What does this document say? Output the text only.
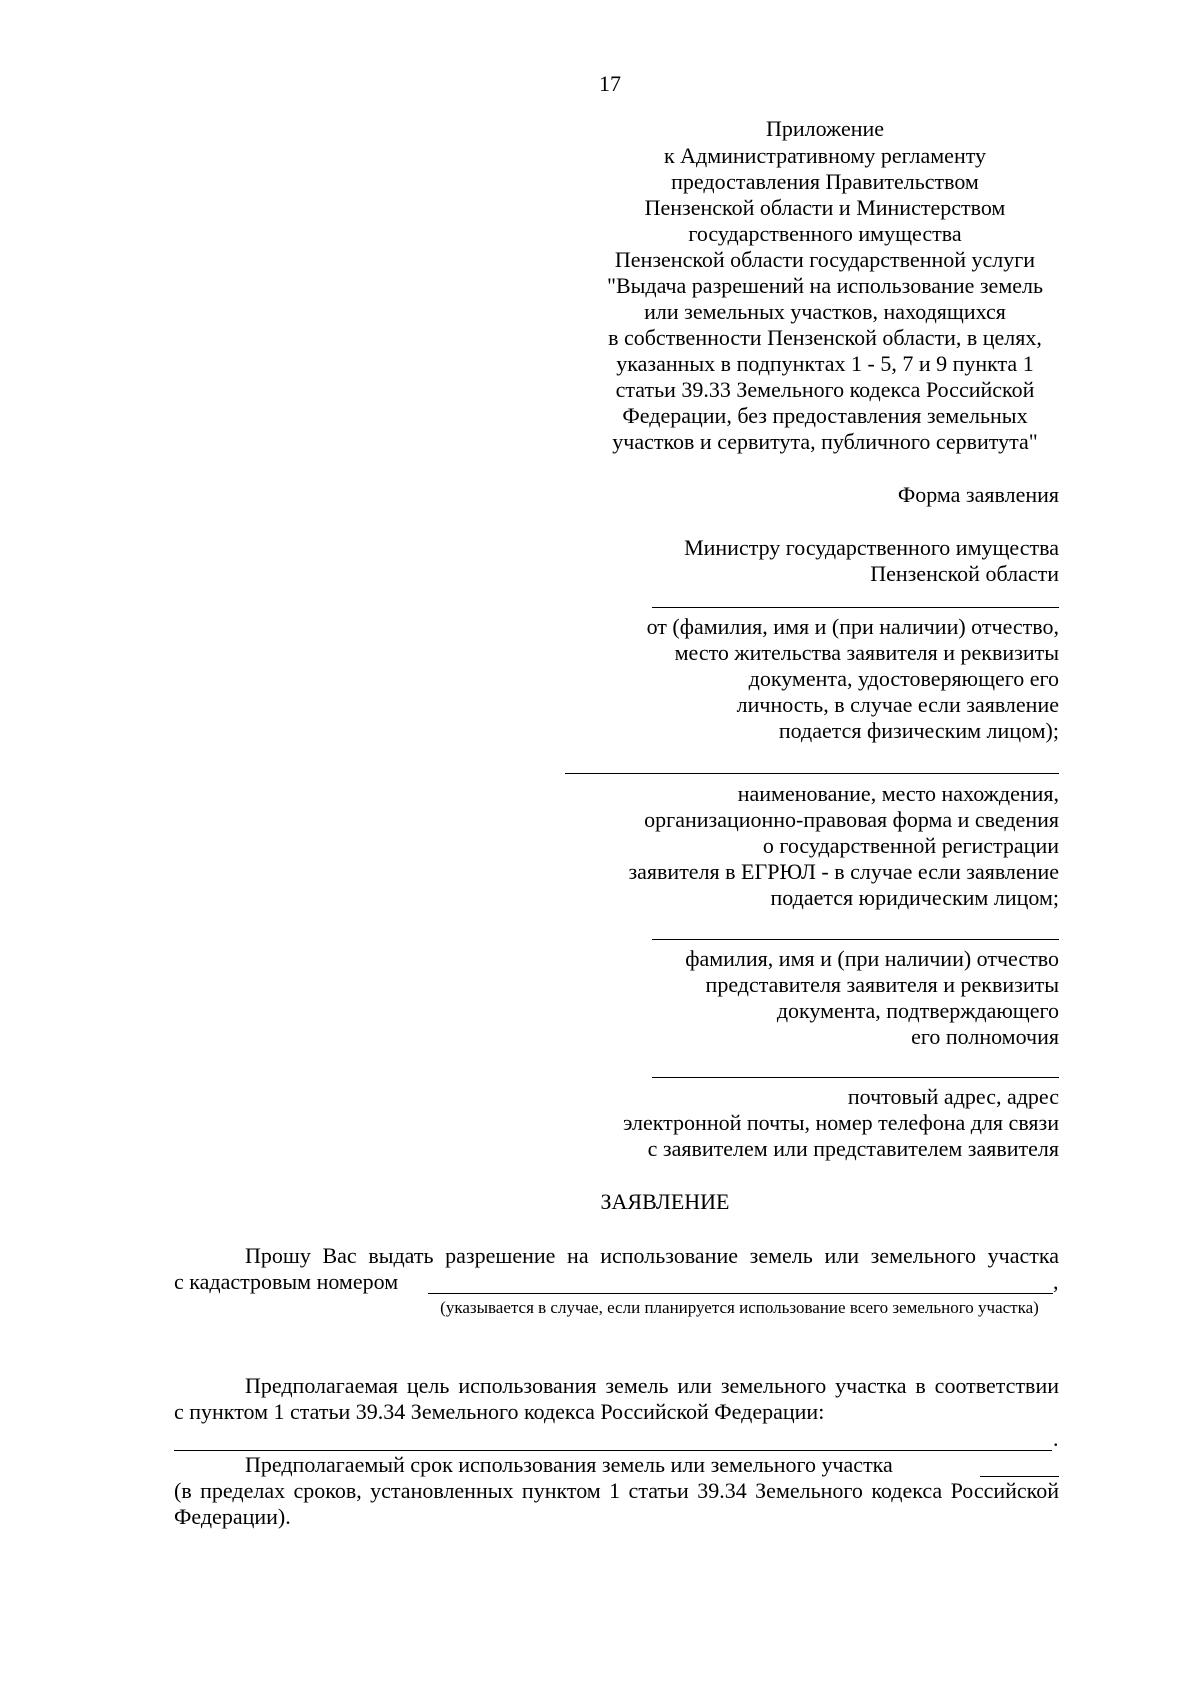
17
Приложение
к Административному регламенту
предоставления Правительством
Пензенской области и Министерством
государственного имущества
Пензенской области государственной услуги
"Выдача разрешений на использование земель
или земельных участков, находящихся
в собственности Пензенской области, в целях,
указанных в подпунктах 1 - 5, 7 и 9 пункта 1
статьи 39.33 Земельного кодекса Российской
Федерации, без предоставления земельных
участков и сервитута, публичного сервитута"
Форма заявления
Министру государственного имущества
Пензенской области
от (фамилия, имя и (при наличии) отчество,
место жительства заявителя и реквизиты
документа, удостоверяющего его
личность, в случае если заявление
подается физическим лицом);
наименование, место нахождения,
организационно-правовая форма и сведения
о государственной регистрации
заявителя в ЕГРЮЛ - в случае если заявление
подается юридическим лицом;
фамилия, имя и (при наличии) отчество
представителя заявителя и реквизиты
документа, подтверждающего
его полномочия
почтовый адрес, адрес
электронной почты, номер телефона для связи
с заявителем или представителем заявителя
ЗАЯВЛЕНИЕ
Прошу Вас выдать разрешение на использование земель или земельного участка
с кадастровым номером	,
(указывается в случае, если планируется использование всего земельного участка)
Предполагаемая цель использования земель или земельного участка в соответствии
с пунктом 1 статьи 39.34 Земельного кодекса Российской Федерации:
.
Предполагаемый срок использования земель или земельного участка
(в пределах сроков, установленных пунктом 1 статьи 39.34 Земельного кодекса Российской
Федерации).
